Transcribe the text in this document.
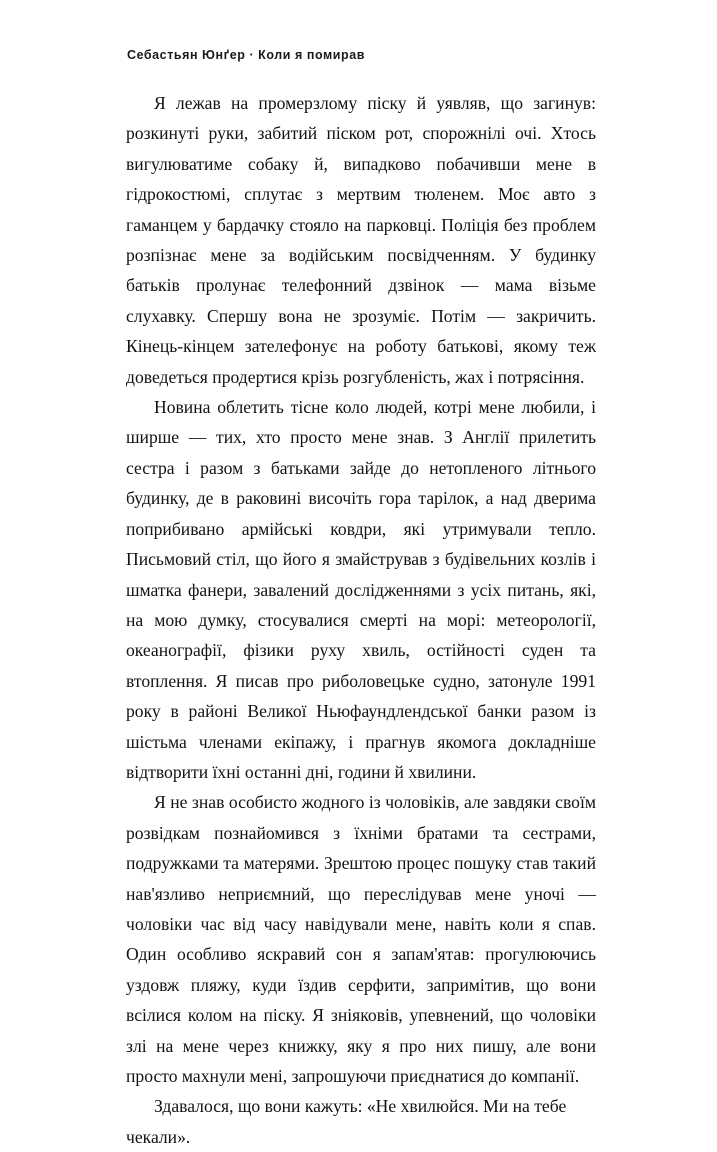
Себастьян Юнґер · Коли я помирав

Я лежав на промерзлому піску й уявляв, що загинув: розкинуті руки, забитий піском рот, спорожнілі очі. Хтось вигулюватиме собаку й, випадково побачивши мене в гідрокостюмі, сплутає з мертвим тюленем. Моє авто з гаманцем у бардачку стояло на парковці. Поліція без проблем розпізнає мене за водійським посвідченням. У будинку батьків пролунає телефонний дзвінок — мама візьме слухавку. Спершу вона не зрозуміє. Потім — закричить. Кінець-кінцем зателефонує на роботу батькові, якому теж доведеться продертися крізь розгубленість, жах і потрясіння.

Новина облетить тісне коло людей, котрі мене любили, і ширше — тих, хто просто мене знав. З Англії прилетить сестра і разом з батьками зайде до нетопленого літнього будинку, де в раковині височіть гора тарілок, а над дверима поприбивано армійські ковдри, які утримували тепло. Письмовий стіл, що його я змайстрував з будівельних козлів і шматка фанери, завалений дослідженнями з усіх питань, які, на мою думку, стосувалися смерті на морі: метеорології, океанографії, фізики руху хвиль, остійності суден та втоплення. Я писав про риболовецьке судно, затонуле 1991 року в районі Великої Ньюфаундлендської банки разом із шістьма членами екіпажу, і прагнув якомога докладніше відтворити їхні останні дні, години й хвилини.

Я не знав особисто жодного із чоловіків, але завдяки своїм розвідкам познайомився з їхніми братами та сестрами, подружками та матерями. Зрештою процес пошуку став такий нав'язливо неприємний, що переслідував мене уночі — чоловіки час від часу навідували мене, навіть коли я спав. Один особливо яскравий сон я запам'ятав: прогулюючись уздовж пляжу, куди їздив серфити, запримітив, що вони всілися колом на піску. Я зніяковів, упевнений, що чоловіки злі на мене через книжку, яку я про них пишу, але вони просто махнули мені, запрошуючи приєднатися до компанії.

Здавалося, що вони кажуть: «Не хвилюйся. Ми на тебе чекали».
